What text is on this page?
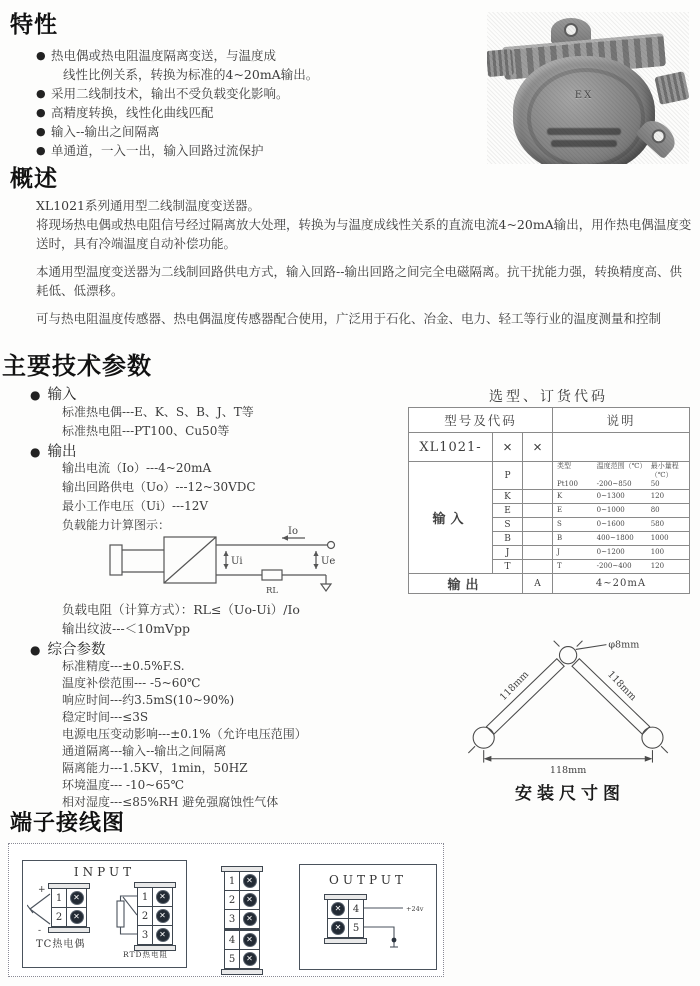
特性
● 热电偶或热电阻温度隔离变送，与温度成
线性比例关系，转换为标准的4~20mA输出。
● 采用二线制技术，输出不受负载变化影响。
● 高精度转换，线性化曲线匹配
● 输入--输出之间隔离
● 单通道，一入一出，输入回路过流保护
EX
概述

XL1021系列通用型二线制温度变送器。

将现场热电偶或热电阻信号经过隔离放大处理，转换为与温度成线性关系的直流电流4~20mA输出，用作热电偶温度变送时，具有冷端温度自动补偿功能。

本通用型温度变送器为二线制回路供电方式，输入回路--输出回路之间完全电磁隔离。抗干扰能力强，转换精度高、供耗低、低漂移。

可与热电阻温度传感器、热电偶温度传感器配合使用，广泛用于石化、冶金、电力、轻工等行业的温度测量和控制

主要技术参数
● 输入
标准热电偶---E、K、S、B、J、T等
标准热电阻---PT100、Cu50等
● 输出
输出电流（Io）---4~20mA
输出回路供电（Uo）---12~30VDC
最小工作电压（Ui）---12V
负载能力计算图示：	Io
Ui	Ue
RL
负载电阻（计算方式）：RL≤（Uo-Ui）/Io
输出纹波---＜10mVpp
● 综合参数
标准精度---±0.5%F.S.
温度补偿范围--- -5~60℃
响应时间---约3.5mS(10~90%)
稳定时间---≤3S
电源电压变动影响---±0.1%（允许电压范围）
通道隔离---输入--输出之间隔离
隔离能力---1.5KV，1min，50HZ
环境温度--- -10~65℃
相对湿度---≤85%RH 避免强腐蚀性气体
选型、订货代码
型号及代码			说明
XL1021-	×	×	
输入	P		
类型	温度范围（℃） 最小量程（℃）
Pt100	-200~850	50

	K		K 0~1300 120

	E		E 0~1000 80

	S		S 0~1600 580

	B		B 400~1800 1000

	J		J 0~1200 100

	T		T -200~400 120

输出		A	4~20mA
φ8mm
118mm	118mm
118mm
安装尺寸图
端子接线图
INPUT
+
-
1	✕
2	✕
TC热电偶
1	✕
2	✕
3	✕
RTD热电阻
1	✕
2	✕
3	✕
4	✕
5	✕
OUTPUT
✕	4
✕	5
+24v
